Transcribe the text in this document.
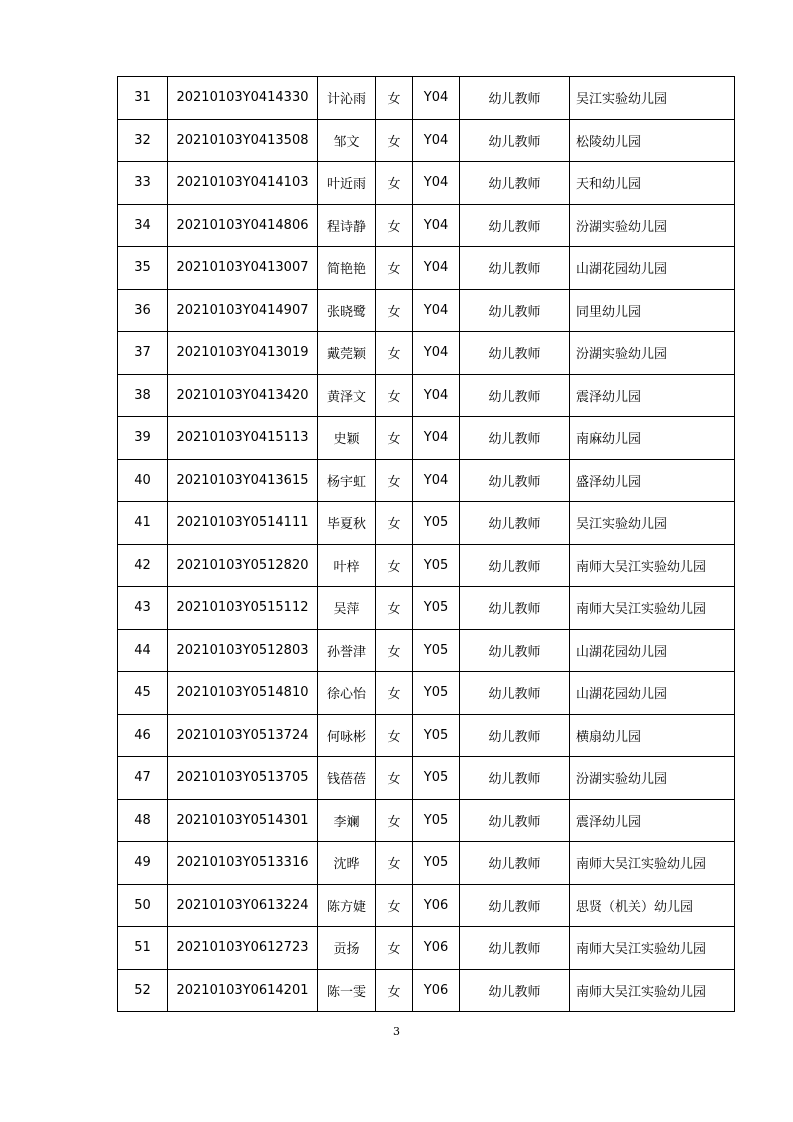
31	20210103Y0414330	计沁雨	女	Y04	幼儿教师	吴江实验幼儿园
32	20210103Y0413508	邹文	女	Y04	幼儿教师	松陵幼儿园
33	20210103Y0414103	叶近雨	女	Y04	幼儿教师	天和幼儿园
34	20210103Y0414806	程诗静	女	Y04	幼儿教师	汾湖实验幼儿园
35	20210103Y0413007	简艳艳	女	Y04	幼儿教师	山湖花园幼儿园
36	20210103Y0414907	张晓鹭	女	Y04	幼儿教师	同里幼儿园
37	20210103Y0413019	戴莞颖	女	Y04	幼儿教师	汾湖实验幼儿园
38	20210103Y0413420	黄泽文	女	Y04	幼儿教师	震泽幼儿园
39	20210103Y0415113	史颖	女	Y04	幼儿教师	南麻幼儿园
40	20210103Y0413615	杨宇虹	女	Y04	幼儿教师	盛泽幼儿园
41	20210103Y0514111	毕夏秋	女	Y05	幼儿教师	吴江实验幼儿园
42	20210103Y0512820	叶梓	女	Y05	幼儿教师	南师大吴江实验幼儿园
43	20210103Y0515112	吴萍	女	Y05	幼儿教师	南师大吴江实验幼儿园
44	20210103Y0512803	孙誉津	女	Y05	幼儿教师	山湖花园幼儿园
45	20210103Y0514810	徐心怡	女	Y05	幼儿教师	山湖花园幼儿园
46	20210103Y0513724	何咏彬	女	Y05	幼儿教师	横扇幼儿园
47	20210103Y0513705	钱蓓蓓	女	Y05	幼儿教师	汾湖实验幼儿园
48	20210103Y0514301	李斓	女	Y05	幼儿教师	震泽幼儿园
49	20210103Y0513316	沈晔	女	Y05	幼儿教师	南师大吴江实验幼儿园
50	20210103Y0613224	陈方婕	女	Y06	幼儿教师	思贤（机关）幼儿园
51	20210103Y0612723	贡扬	女	Y06	幼儿教师	南师大吴江实验幼儿园
52	20210103Y0614201	陈一雯	女	Y06	幼儿教师	南师大吴江实验幼儿园
3
